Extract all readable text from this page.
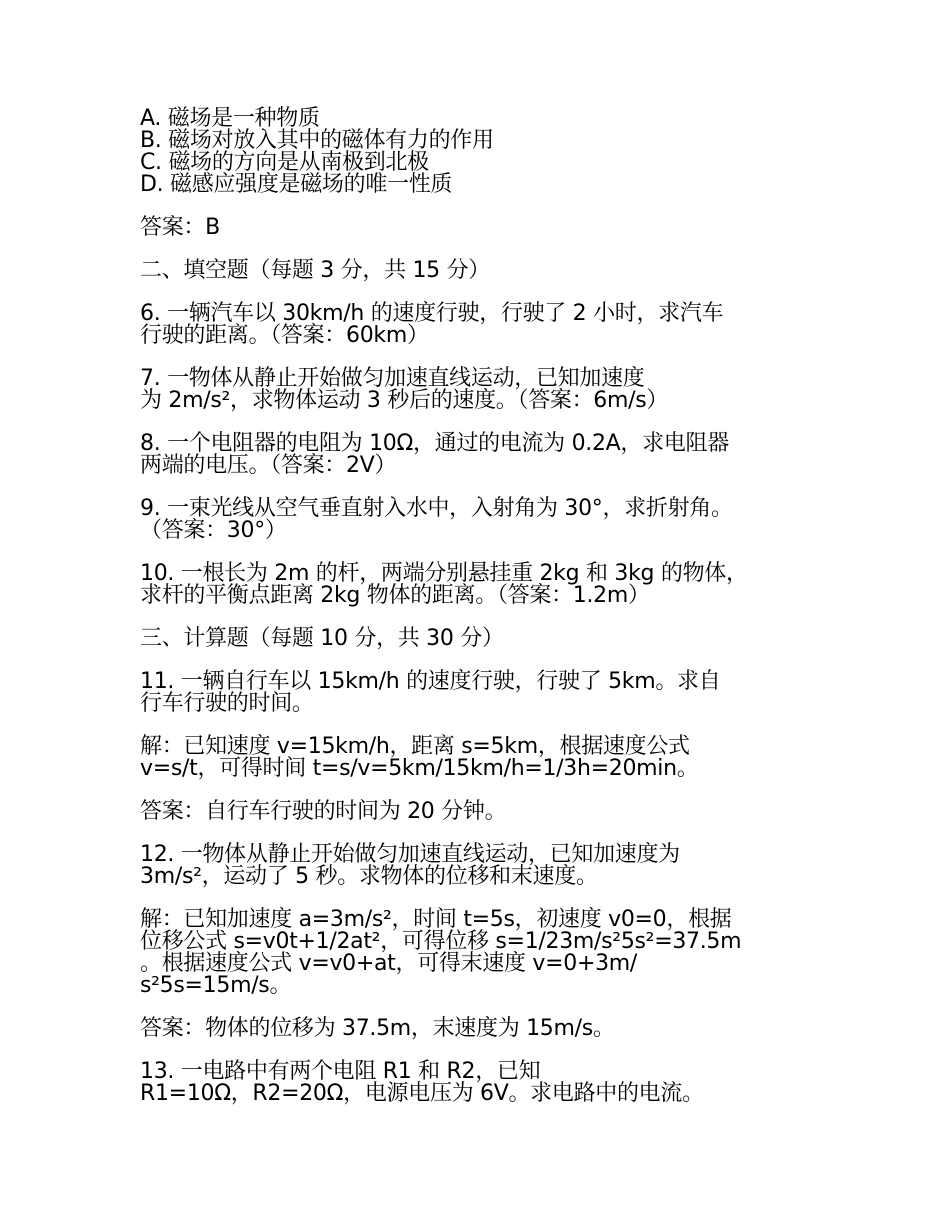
A. 磁场是一种物质
B. 磁场对放入其中的磁体有力的作用
C. 磁场的方向是从南极到北极
D. 磁感应强度是磁场的唯一性质
答案：B
二、填空题（每题 3 分，共 15 分）
6. 一辆汽车以 30km/h 的速度行驶，行驶了 2 小时，求汽车
行驶的距离。（答案：60km）
7. 一物体从静止开始做匀加速直线运动，已知加速度
为 2m/s²，求物体运动 3 秒后的速度。（答案：6m/s）
8. 一个电阻器的电阻为 10Ω，通过的电流为 0.2A，求电阻器
两端的电压。（答案：2V）
9. 一束光线从空气垂直射入水中，入射角为 30°，求折射角。
（答案：30°）
10. 一根长为 2m 的杆，两端分别悬挂重 2kg 和 3kg 的物体，
求杆的平衡点距离 2kg 物体的距离。（答案：1.2m）
三、计算题（每题 10 分，共 30 分）
11. 一辆自行车以 15km/h 的速度行驶，行驶了 5km。求自
行车行驶的时间。
解：已知速度 v=15km/h，距离 s=5km，根据速度公式
v=s/t，可得时间 t=s/v=5km/15km/h=1/3h=20min。
答案：自行车行驶的时间为 20 分钟。
12. 一物体从静止开始做匀加速直线运动，已知加速度为
3m/s²，运动了 5 秒。求物体的位移和末速度。
解：已知加速度 a=3m/s²，时间 t=5s，初速度 v0=0，根据
位移公式 s=v0t+1/2at²，可得位移 s=1/23m/s²5s²=37.5m
。根据速度公式 v=v0+at，可得末速度 v=0+3m/
s²5s=15m/s。
答案：物体的位移为 37.5m，末速度为 15m/s。
13. 一电路中有两个电阻 R1 和 R2，已知
R1=10Ω，R2=20Ω，电源电压为 6V。求电路中的电流。
